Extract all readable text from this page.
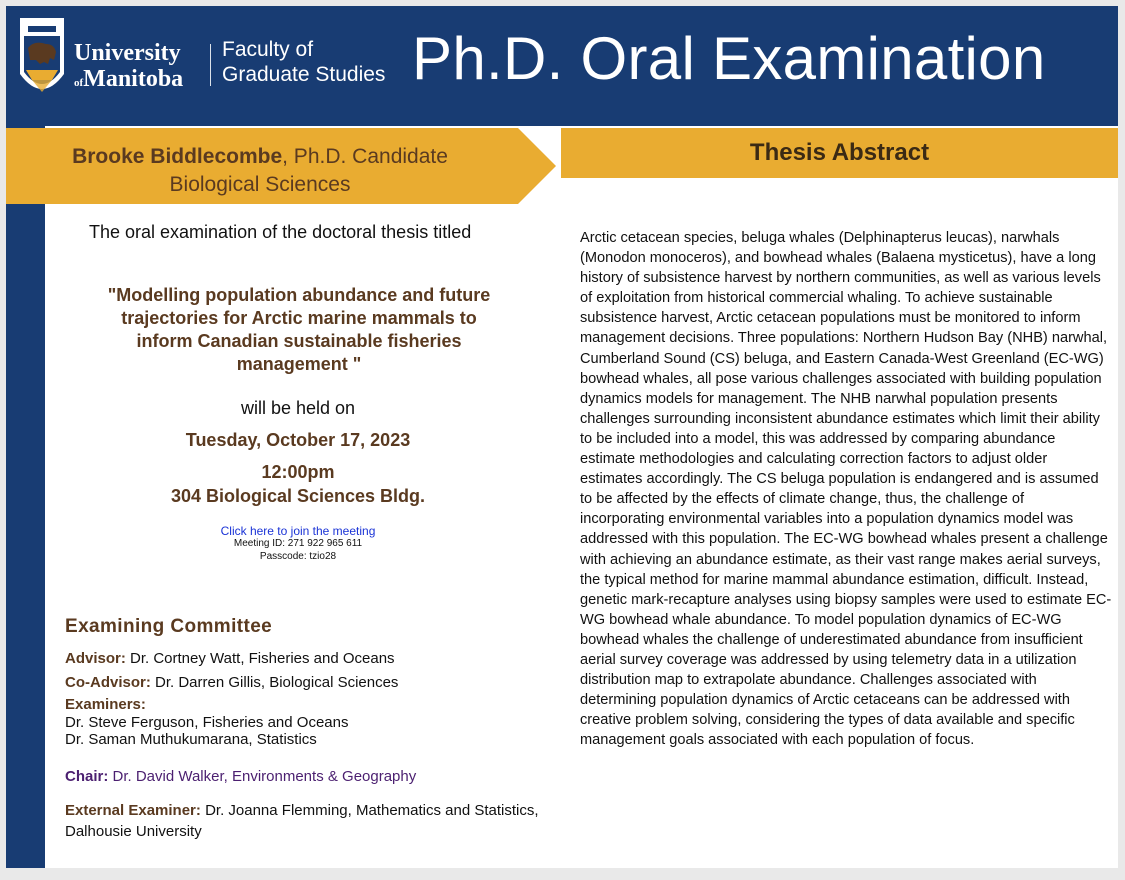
University
ofManitoba
Faculty of
Graduate Studies Ph.D. Oral Examination
Brooke Biddlecombe, Ph.D. Candidate
Biological Sciences
Thesis Abstract
The oral examination of the doctoral thesis titled
"Modelling population abundance and future trajectories for Arctic marine mammals to inform Canadian sustainable fisheries management "
will be held on
Tuesday, October 17, 2023
12:00pm
304 Biological Sciences Bldg.
Click here to join the meeting
Meeting ID: 271 922 965 611
Passcode: tzio28
Examining Committee
Advisor: Dr. Cortney Watt, Fisheries and Oceans
Co-Advisor: Dr. Darren Gillis, Biological Sciences
Examiners:
Dr. Steve Ferguson, Fisheries and Oceans
Dr. Saman Muthukumarana, Statistics
Chair: Dr. David Walker, Environments & Geography
External Examiner: Dr. Joanna Flemming, Mathematics and Statistics, Dalhousie University
Arctic cetacean species, beluga whales (Delphinapterus leucas), narwhals (Monodon monoceros), and bowhead whales (Balaena mysticetus), have a long history of subsistence harvest by northern communities, as well as various levels of exploitation from historical commercial whaling. To achieve sustainable subsistence harvest, Arctic cetacean populations must be monitored to inform management decisions. Three populations: Northern Hudson Bay (NHB) narwhal, Cumberland Sound (CS) beluga, and Eastern Canada-West Greenland (EC-WG) bowhead whales, all pose various challenges associated with building population dynamics models for management. The NHB narwhal population presents challenges surrounding inconsistent abundance estimates which limit their ability to be included into a model, this was addressed by comparing abundance estimate methodologies and calculating correction factors to adjust older estimates accordingly. The CS beluga population is endangered and is assumed to be affected by the effects of climate change, thus, the challenge of incorporating environmental variables into a population dynamics model was addressed with this population. The EC-WG bowhead whales present a challenge with achieving an abundance estimate, as their vast range makes aerial surveys, the typical method for marine mammal abundance estimation, difficult. Instead, genetic mark-recapture analyses using biopsy samples were used to estimate EC-WG bowhead whale abundance. To model population dynamics of EC-WG bowhead whales the challenge of underestimated abundance from insufficient aerial survey coverage was addressed by using telemetry data in a utilization distribution map to extrapolate abundance. Challenges associated with determining population dynamics of Arctic cetaceans can be addressed with creative problem solving, considering the types of data available and specific management goals associated with each population of focus.
